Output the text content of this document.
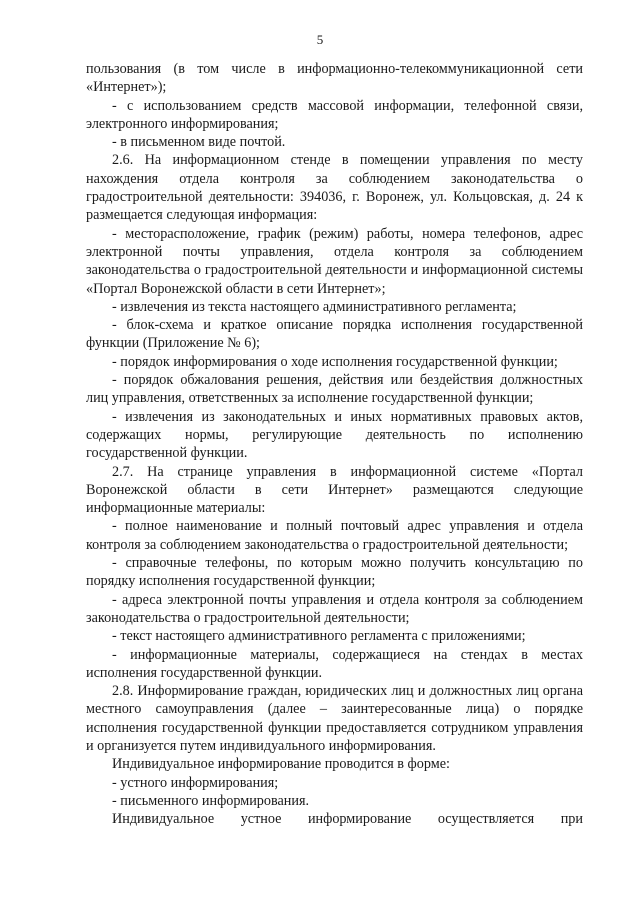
5

пользования (в том числе в информационно-телекоммуникационной сети «Интернет»);

- с использованием средств массовой информации, телефонной связи, электронного информирования;

- в письменном виде почтой.

2.6. На информационном стенде в помещении управления по месту нахождения отдела контроля за соблюдением законодательства о градостроительной деятельности: 394036, г. Воронеж, ул. Кольцовская, д. 24 к размещается следующая информация:

- месторасположение, график (режим) работы, номера телефонов, адрес электронной почты управления, отдела контроля за соблюдением законодательства о градостроительной деятельности и информационной системы «Портал Воронежской области в сети Интернет»;

- извлечения из текста настоящего административного регламента;

- блок-схема и краткое описание порядка исполнения государственной функции (Приложение № 6);

- порядок информирования о ходе исполнения государственной функции;

- порядок обжалования решения, действия или бездействия должностных лиц управления, ответственных за исполнение государственной функции;

- извлечения из законодательных и иных нормативных правовых актов, содержащих нормы, регулирующие деятельность по исполнению государственной функции.

2.7. На странице управления в информационной системе «Портал Воронежской области в сети Интернет» размещаются следующие информационные материалы:

- полное наименование и полный почтовый адрес управления и отдела контроля за соблюдением законодательства о градостроительной деятельности;

- справочные телефоны, по которым можно получить консультацию по порядку исполнения государственной функции;

- адреса электронной почты управления и отдела контроля за соблюдением законодательства о градостроительной деятельности;

- текст настоящего административного регламента с приложениями;

- информационные материалы, содержащиеся на стендах в местах исполнения государственной функции.

2.8. Информирование граждан, юридических лиц и должностных лиц органа местного самоуправления (далее – заинтересованные лица) о порядке исполнения государственной функции предоставляется сотрудником управления и организуется путем индивидуального информирования.

Индивидуальное информирование проводится в форме:

- устного информирования;

- письменного информирования.

Индивидуальное устное информирование осуществляется при
